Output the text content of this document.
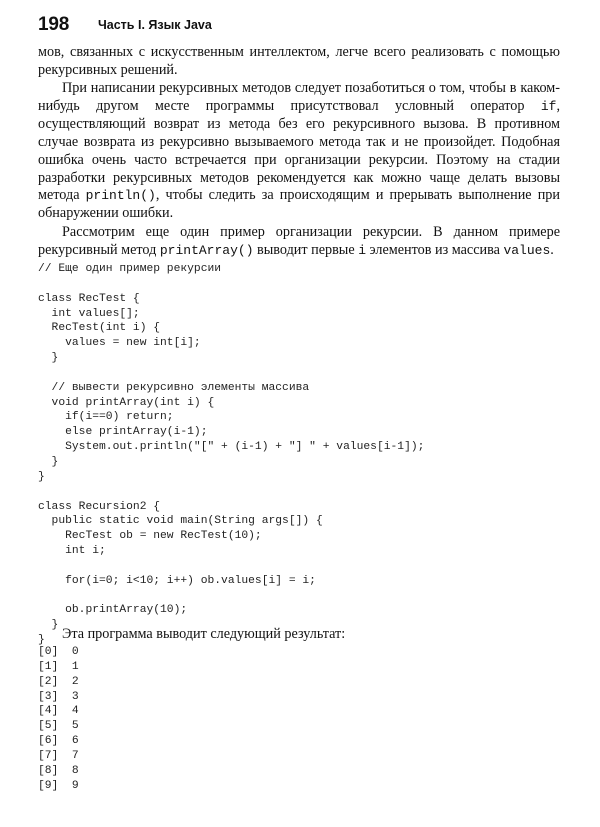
198 Часть I. Язык Java

мов, связанных с искусственным интеллектом, легче всего реализовать с помощью рекурсивных решений.

При написании рекурсивных методов следует позаботиться о том, чтобы в каком-нибудь другом месте программы присутствовал условный оператор if, осуществляющий возврат из метода без его рекурсивного вызова. В противном случае возврата из рекурсивно вызываемого метода так и не произойдет. Подобная ошибка очень часто встречается при организации рекурсии. Поэтому на стадии разработки рекурсивных методов рекомендуется как можно чаще делать вызовы метода println(), чтобы следить за происходящим и прерывать выполнение при обнаружении ошибки.

Рассмотрим еще один пример организации рекурсии. В данном примере рекурсивный метод printArray() выводит первые i элементов из массива values.

// Еще один пример рекурсии

class RecTest {
int values[];
RecTest(int i) {
values = new int[i];
}

// вывести рекурсивно элементы массива
void printArray(int i) {
if(i==0) return;
else printArray(i-1);
System.out.println("[" + (i-1) + "] " + values[i-1]);
}
}

class Recursion2 {
public static void main(String args[]) {
RecTest ob = new RecTest(10);
int i;

for(i=0; i<10; i++) ob.values[i] = i;

ob.printArray(10);
}
}	Эта программа выводит следующий результат:

[0]  0
[1]  1
[2]  2
[3]  3
[4]  4
[5]  5
[6]  6
[7]  7
[8]  8
[9]  9
